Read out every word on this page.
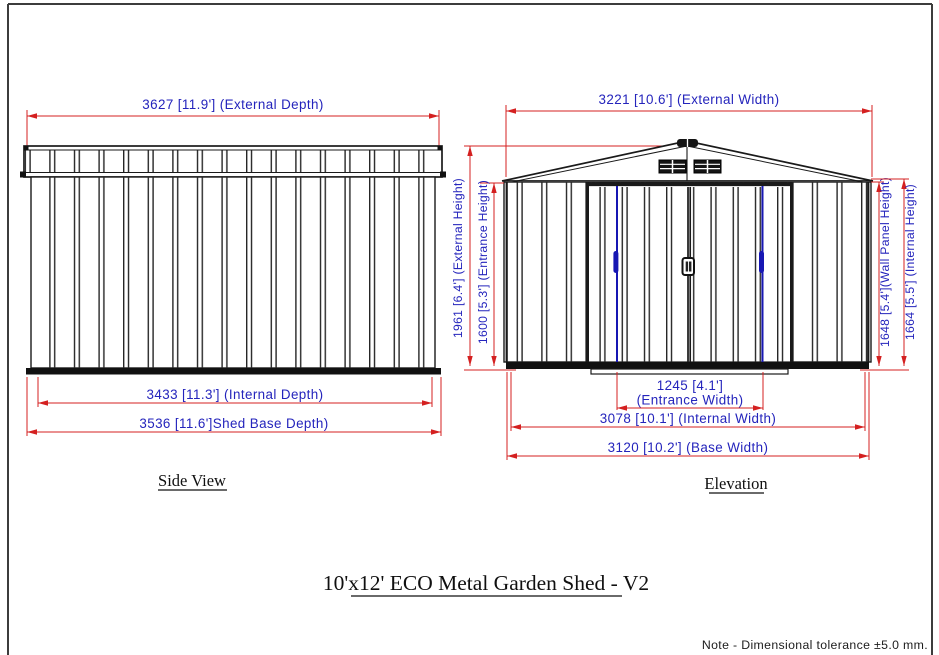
3627 [11.9'] (External Depth)
3433 [11.3'] (Internal Depth)
3536 [11.6']Shed Base Depth)
Side View
3221 [10.6'] (External Width)
1961 [6.4'] (External Height) 1600 [5.3'] (Entrance Height)	1648 [5.4'](Wall Panel Height) 1664 [5.5'] (Internal Height)
1245 [4.1']
(Entrance Width)
3078 [10.1'] (Internal Width)
3120 [10.2'] (Base Width)
Elevation
10'x12' ECO Metal Garden Shed - V2
Note - Dimensional tolerance ±5.0 mm.
